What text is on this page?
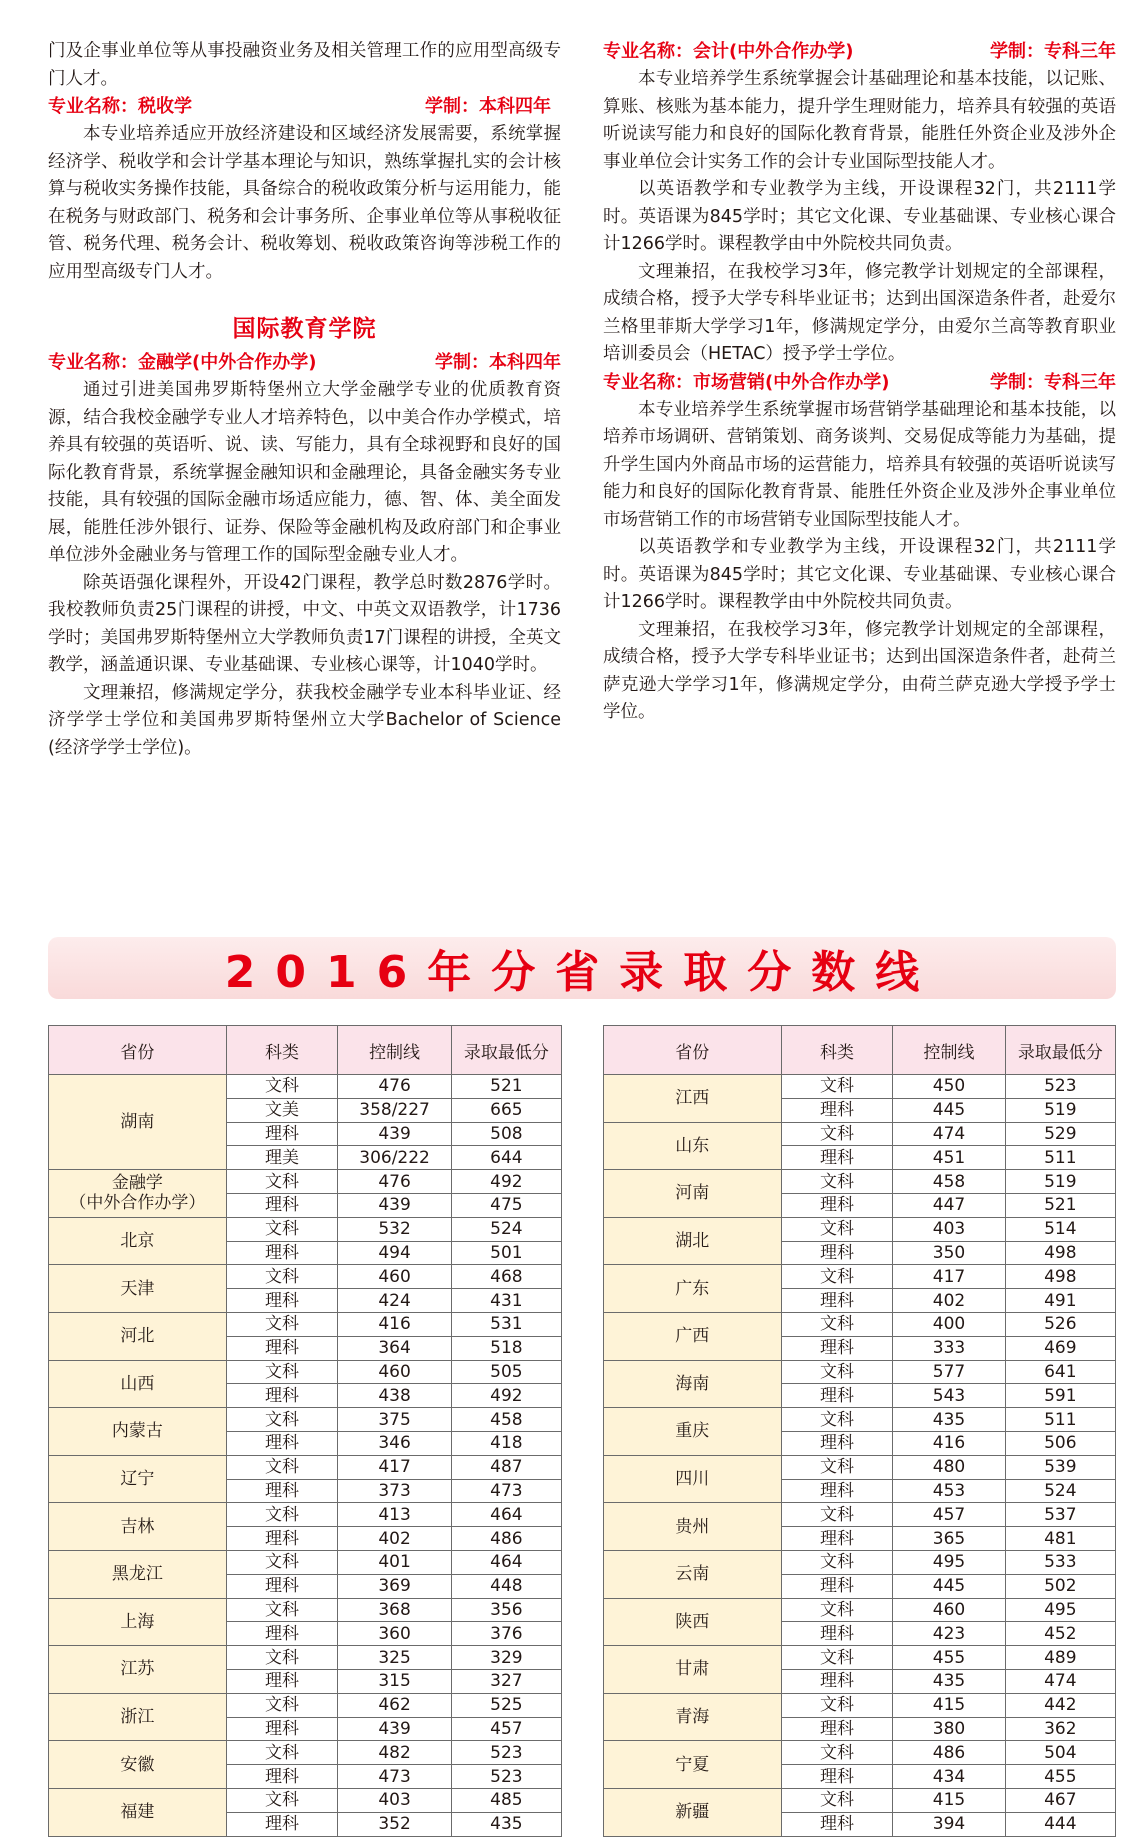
门及企事业单位等从事投融资业务及相关管理工作的应用型高级专门人才。

专业名称：税收学	学制：本科四年

本专业培养适应开放经济建设和区域经济发展需要，系统掌握经济学、税收学和会计学基本理论与知识，熟练掌握扎实的会计核算与税收实务操作技能，具备综合的税收政策分析与运用能力，能在税务与财政部门、税务和会计事务所、企事业单位等从事税收征管、税务代理、税务会计、税收筹划、税收政策咨询等涉税工作的应用型高级专门人才。

国际教育学院
专业名称：金融学(中外合作办学)	学制：本科四年

通过引进美国弗罗斯特堡州立大学金融学专业的优质教育资源，结合我校金融学专业人才培养特色，以中美合作办学模式，培养具有较强的英语听、说、读、写能力，具有全球视野和良好的国际化教育背景，系统掌握金融知识和金融理论，具备金融实务专业技能，具有较强的国际金融市场适应能力，德、智、体、美全面发展，能胜任涉外银行、证券、保险等金融机构及政府部门和企事业单位涉外金融业务与管理工作的国际型金融专业人才。

除英语强化课程外，开设42门课程，教学总时数2876学时。我校教师负责25门课程的讲授，中文、中英文双语教学，计1736学时；美国弗罗斯特堡州立大学教师负责17门课程的讲授，全英文教学，涵盖通识课、专业基础课、专业核心课等，计1040学时。

文理兼招，修满规定学分，获我校金融学专业本科毕业证、经济学学士学位和美国弗罗斯特堡州立大学Bachelor of Science (经济学学士学位)。

专业名称：会计(中外合作办学)	学制：专科三年

本专业培养学生系统掌握会计基础理论和基本技能，以记账、算账、核账为基本能力，提升学生理财能力，培养具有较强的英语听说读写能力和良好的国际化教育背景，能胜任外资企业及涉外企事业单位会计实务工作的会计专业国际型技能人才。

以英语教学和专业教学为主线，开设课程32门，共2111学时。英语课为845学时；其它文化课、专业基础课、专业核心课合计1266学时。课程教学由中外院校共同负责。

文理兼招，在我校学习3年，修完教学计划规定的全部课程，成绩合格，授予大学专科毕业证书；达到出国深造条件者，赴爱尔兰格里菲斯大学学习1年，修满规定学分，由爱尔兰高等教育职业培训委员会（HETAC）授予学士学位。

专业名称：市场营销(中外合作办学)	学制：专科三年

本专业培养学生系统掌握市场营销学基础理论和基本技能，以培养市场调研、营销策划、商务谈判、交易促成等能力为基础，提升学生国内外商品市场的运营能力，培养具有较强的英语听说读写能力和良好的国际化教育背景、能胜任外资企业及涉外企事业单位市场营销工作的市场营销专业国际型技能人才。

以英语教学和专业教学为主线，开设课程32门，共2111学时。英语课为845学时；其它文化课、专业基础课、专业核心课合计1266学时。课程教学由中外院校共同负责。

文理兼招，在我校学习3年，修完教学计划规定的全部课程，成绩合格，授予大学专科毕业证书；达到出国深造条件者，赴荷兰萨克逊大学学习1年，修满规定学分，由荷兰萨克逊大学授予学士学位。

2016年分省录取分数线
省份	科类	控制线	录取最低分

湖南	文科	476	521
	文美	358/227	665
	理科	439	508
	理美	306/222	644

金融学
（中外合作办学）	文科	476	492
	理科	439	475

北京	文科	532	524
	理科	494	501

天津	文科	460	468
	理科	424	431

河北	文科	416	531
	理科	364	518

山西	文科	460	505
	理科	438	492

内蒙古	文科	375	458
	理科	346	418

辽宁	文科	417	487
	理科	373	473

吉林	文科	413	464
	理科	402	486

黑龙江	文科	401	464
	理科	369	448

上海	文科	368	356
	理科	360	376

江苏	文科	325	329
	理科	315	327

浙江	文科	462	525
	理科	439	457

安徽	文科	482	523
	理科	473	523

福建	文科	403	485
	理科	352	435
省份	科类	控制线	录取最低分

江西	文科	450	523
	理科	445	519

山东	文科	474	529
	理科	451	511

河南	文科	458	519
	理科	447	521

湖北	文科	403	514
	理科	350	498

广东	文科	417	498
	理科	402	491

广西	文科	400	526
	理科	333	469

海南	文科	577	641
	理科	543	591

重庆	文科	435	511
	理科	416	506

四川	文科	480	539
	理科	453	524

贵州	文科	457	537
	理科	365	481

云南	文科	495	533
	理科	445	502

陕西	文科	460	495
	理科	423	452

甘肃	文科	455	489
	理科	435	474

青海	文科	415	442
	理科	380	362

宁夏	文科	486	504
	理科	434	455

新疆	文科	415	467
	理科	394	444
